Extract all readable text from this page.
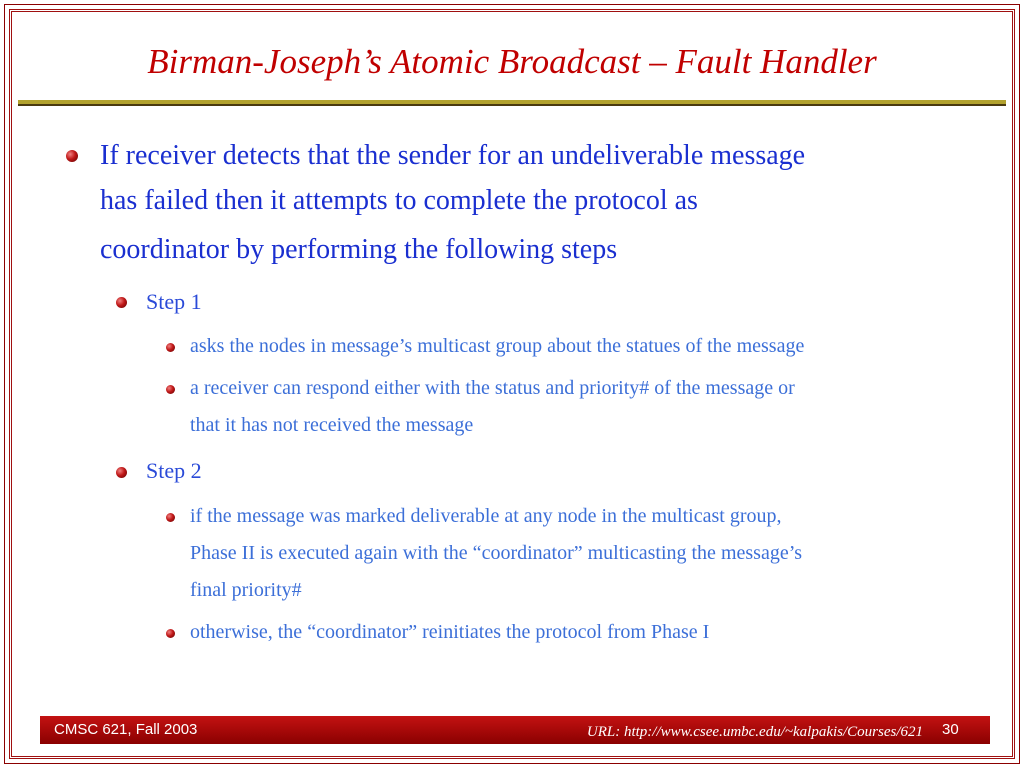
Birman-Joseph’s Atomic Broadcast – Fault Handler
If receiver detects that the sender for an undeliverable message
has failed then it attempts to complete the protocol as
coordinator by performing the following steps
Step 1
asks the nodes in message’s multicast group about the statues of the message
a receiver can respond either with the status and priority# of the message or
that it has not received the message
Step 2
if the message was marked deliverable at any node in the multicast group,
Phase II is executed again with the “coordinator” multicasting the message’s
final priority#
otherwise, the “coordinator” reinitiates the protocol from Phase I
CMSC 621, Fall 2003	URL: http://www.csee.umbc.edu/~kalpakis/Courses/621 30
